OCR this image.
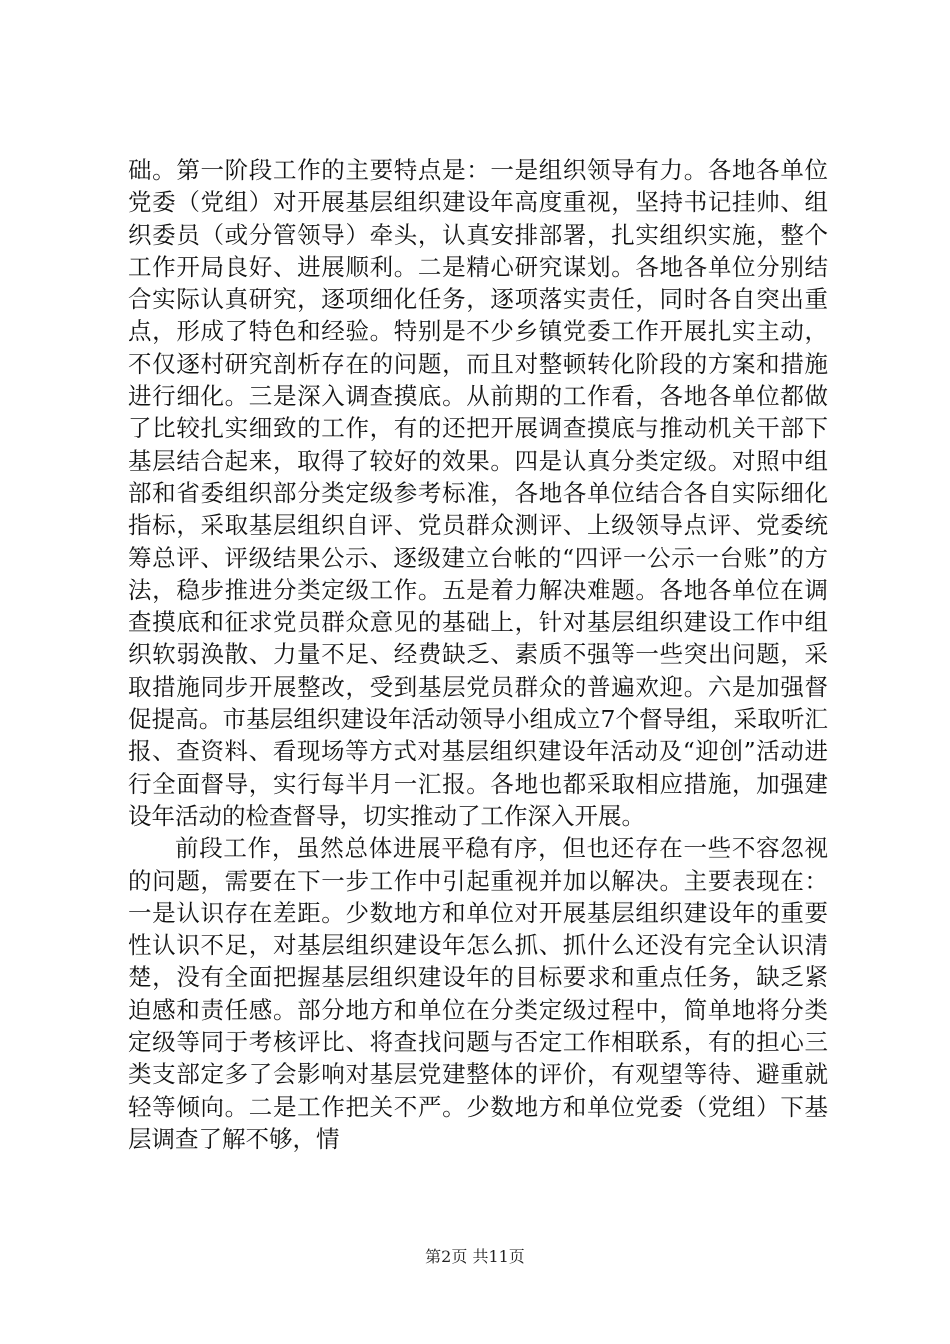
础。第一阶段工作的主要特点是：一是组织领导有力。各地各单位党委（党组）对开展基层组织建设年高度重视，坚持书记挂帅、组织委员（或分管领导）牵头，认真安排部署，扎实组织实施，整个工作开局良好、进展顺利。二是精心研究谋划。各地各单位分别结合实际认真研究，逐项细化任务，逐项落实责任，同时各自突出重点，形成了特色和经验。特别是不少乡镇党委工作开展扎实主动，不仅逐村研究剖析存在的问题，而且对整顿转化阶段的方案和措施进行细化。三是深入调查摸底。从前期的工作看，各地各单位都做了比较扎实细致的工作，有的还把开展调查摸底与推动机关干部下基层结合起来，取得了较好的效果。四是认真分类定级。对照中组部和省委组织部分类定级参考标准，各地各单位结合各自实际细化指标，采取基层组织自评、党员群众测评、上级领导点评、党委统筹总评、评级结果公示、逐级建立台帐的“四评一公示一台账”的方法，稳步推进分类定级工作。五是着力解决难题。各地各单位在调查摸底和征求党员群众意见的基础上，针对基层组织建设工作中组织软弱涣散、力量不足、经费缺乏、素质不强等一些突出问题，采取措施同步开展整改，受到基层党员群众的普遍欢迎。六是加强督促提高。市基层组织建设年活动领导小组成立7个督导组，采取听汇报、查资料、看现场等方式对基层组织建设年活动及“迎创”活动进行全面督导，实行每半月一汇报。各地也都采取相应措施，加强建设年活动的检查督导，切实推动了工作深入开展。

前段工作，虽然总体进展平稳有序，但也还存在一些不容忽视的问题，需要在下一步工作中引起重视并加以解决。主要表现在：一是认识存在差距。少数地方和单位对开展基层组织建设年的重要性认识不足，对基层组织建设年怎么抓、抓什么还没有完全认识清楚，没有全面把握基层组织建设年的目标要求和重点任务，缺乏紧迫感和责任感。部分地方和单位在分类定级过程中，简单地将分类定级等同于考核评比、将查找问题与否定工作相联系，有的担心三类支部定多了会影响对基层党建整体的评价，有观望等待、避重就轻等倾向。二是工作把关不严。少数地方和单位党委（党组）下基层调查了解不够，情

第2页 共11页
